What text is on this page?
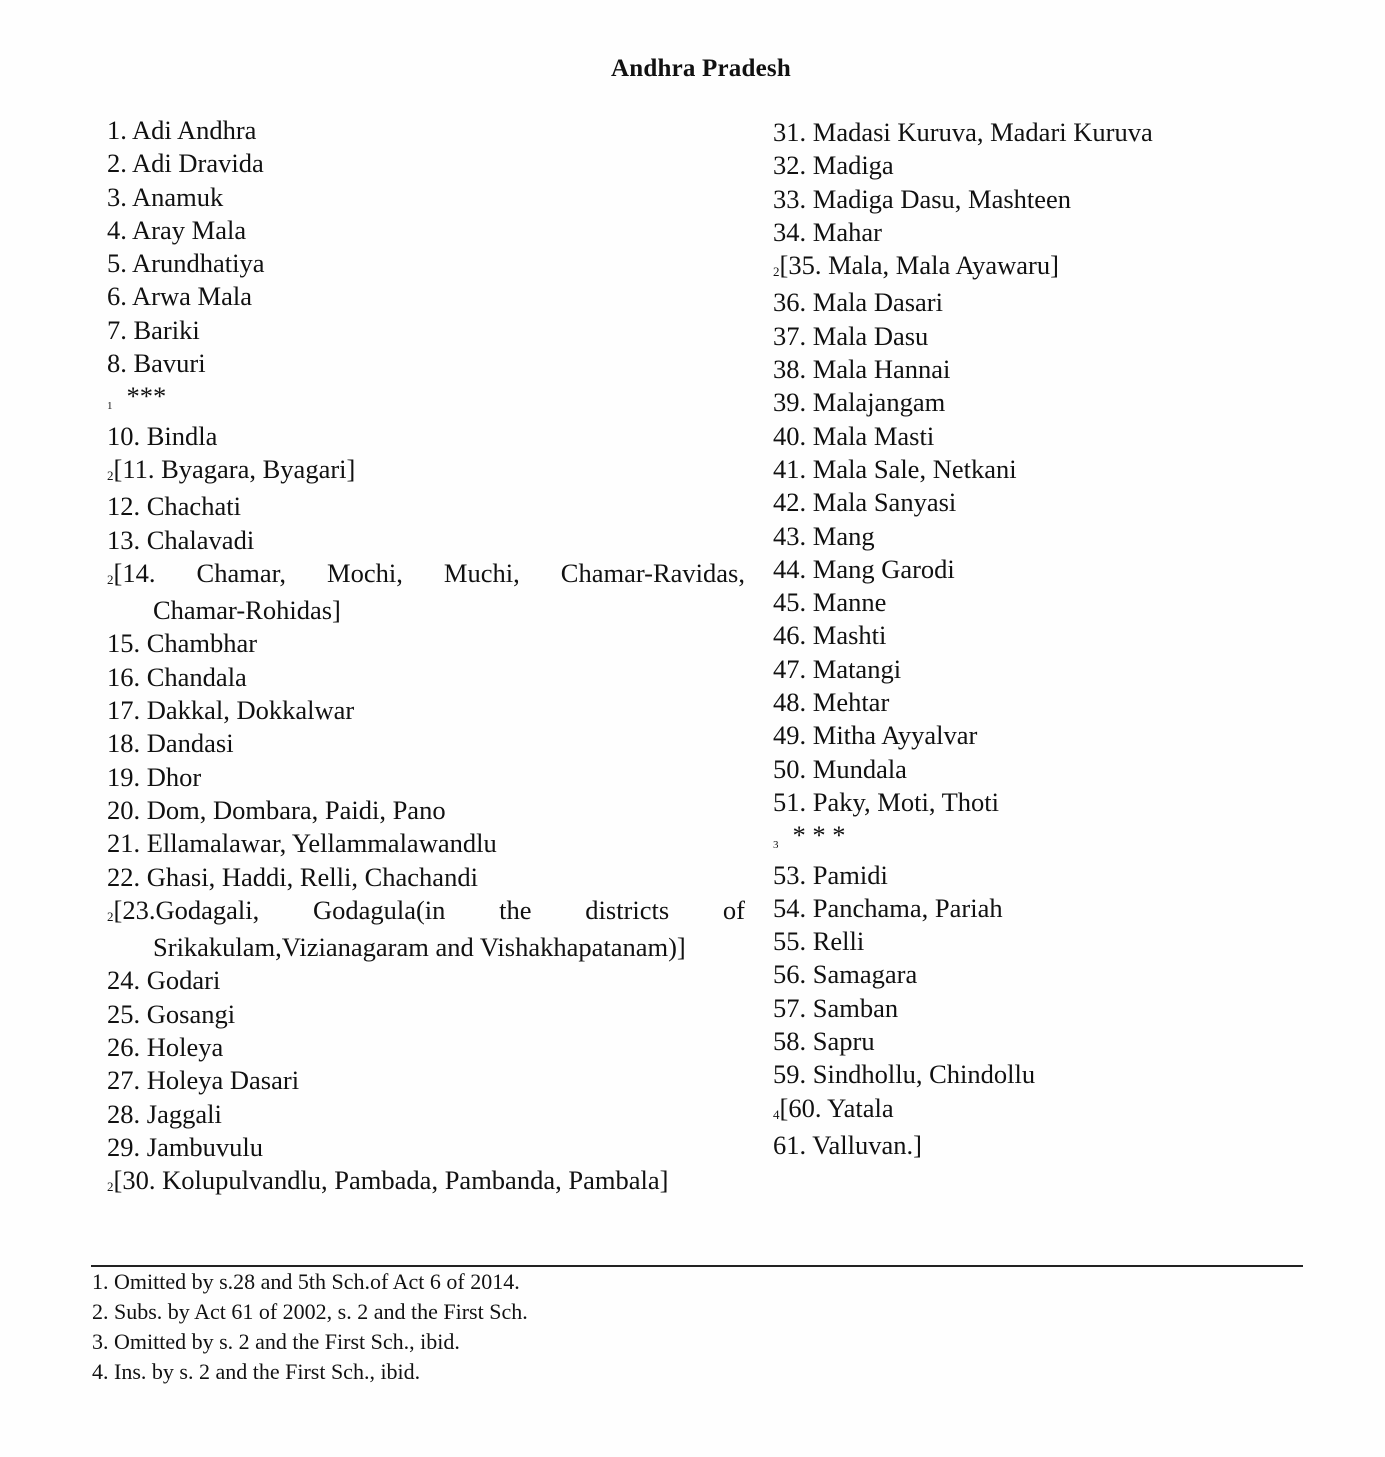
Andhra Pradesh
1. Adi Andhra
2. Adi Dravida
3. Anamuk
4. Aray Mala
5. Arundhatiya
6. Arwa Mala
7. Bariki
8. Bavuri
1 ***
10. Bindla
2[11. Byagara, Byagari]
12. Chachati
13. Chalavadi
2[14. Chamar, Mochi, Muchi, Chamar-Ravidas,
Chamar-Rohidas]
15. Chambhar
16. Chandala
17. Dakkal, Dokkalwar
18. Dandasi
19. Dhor
20. Dom, Dombara, Paidi, Pano
21. Ellamalawar, Yellammalawandlu
22. Ghasi, Haddi, Relli, Chachandi
2[23.Godagali, Godagula(in the districts of
Srikakulam,Vizianagaram and Vishakhapatanam)]
24. Godari
25. Gosangi
26. Holeya
27. Holeya Dasari
28. Jaggali
29. Jambuvulu
2[30. Kolupulvandlu, Pambada, Pambanda, Pambala]
31. Madasi Kuruva, Madari Kuruva
32. Madiga
33. Madiga Dasu, Mashteen
34. Mahar
2[35. Mala, Mala Ayawaru]
36. Mala Dasari
37. Mala Dasu
38. Mala Hannai
39. Malajangam
40. Mala Masti
41. Mala Sale, Netkani
42. Mala Sanyasi
43. Mang
44. Mang Garodi
45. Manne
46. Mashti
47. Matangi
48. Mehtar
49. Mitha Ayyalvar
50. Mundala
51. Paky, Moti, Thoti
3 * * *
53. Pamidi
54. Panchama, Pariah
55. Relli
56. Samagara
57. Samban
58. Sapru
59. Sindhollu, Chindollu
4[60. Yatala
61. Valluvan.]
1. Omitted by s.28 and 5th Sch.of Act 6 of 2014.
2. Subs. by Act 61 of 2002, s. 2 and the First Sch.
3. Omitted by s. 2 and the First Sch., ibid.
4. Ins. by s. 2 and the First Sch., ibid.
